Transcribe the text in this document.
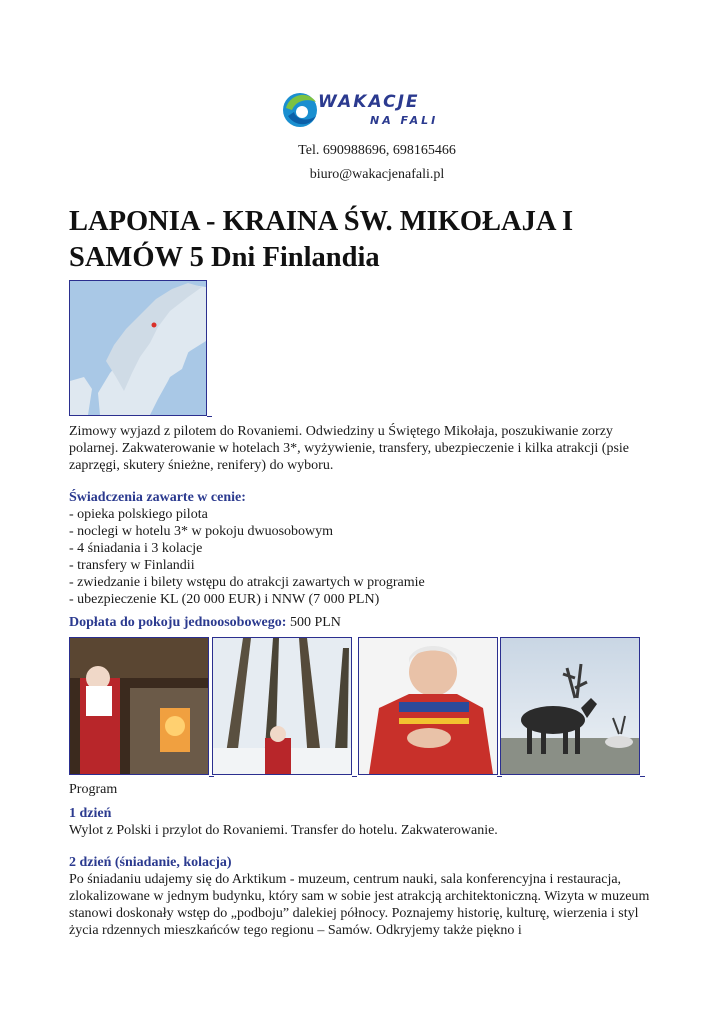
WAKACJE
NA FALI
Tel. 690988696, 698165466
biuro@wakacjenafali.pl
LAPONIA - KRAINA ŚW. MIKOŁAJA I
SAMÓW 5 Dni Finlandia
Zimowy wyjazd z pilotem do Rovaniemi. Odwiedziny u Świętego Mikołaja, poszukiwanie zorzy polarnej. Zakwaterowanie w hotelach 3*, wyżywienie, transfery, ubezpieczenie i kilka atrakcji (psie zaprzęgi, skutery śnieżne, renifery) do wyboru.
Świadczenia zawarte w cenie:
- opieka polskiego pilota
- noclegi w hotelu 3* w pokoju dwuosobowym
- 4 śniadania i 3 kolacje
- transfery w Finlandii
- zwiedzanie i bilety wstępu do atrakcji zawartych w programie
- ubezpieczenie KL (20 000 EUR) i NNW (7 000 PLN)
Dopłata do pokoju jednoosobowego: 500 PLN
Program
1 dzień
Wylot z Polski i przylot do Rovaniemi. Transfer do hotelu. Zakwaterowanie.
2 dzień (śniadanie, kolacja)
Po śniadaniu udajemy się do Arktikum - muzeum, centrum nauki, sala konferencyjna i restauracja, zlokalizowane w jednym budynku, który sam w sobie jest atrakcją architektoniczną. Wizyta w muzeum stanowi doskonały wstęp do „podboju” dalekiej północy. Poznajemy historię, kulturę, wierzenia i styl życia rdzennych mieszkańców tego regionu – Samów. Odkryjemy także piękno i
